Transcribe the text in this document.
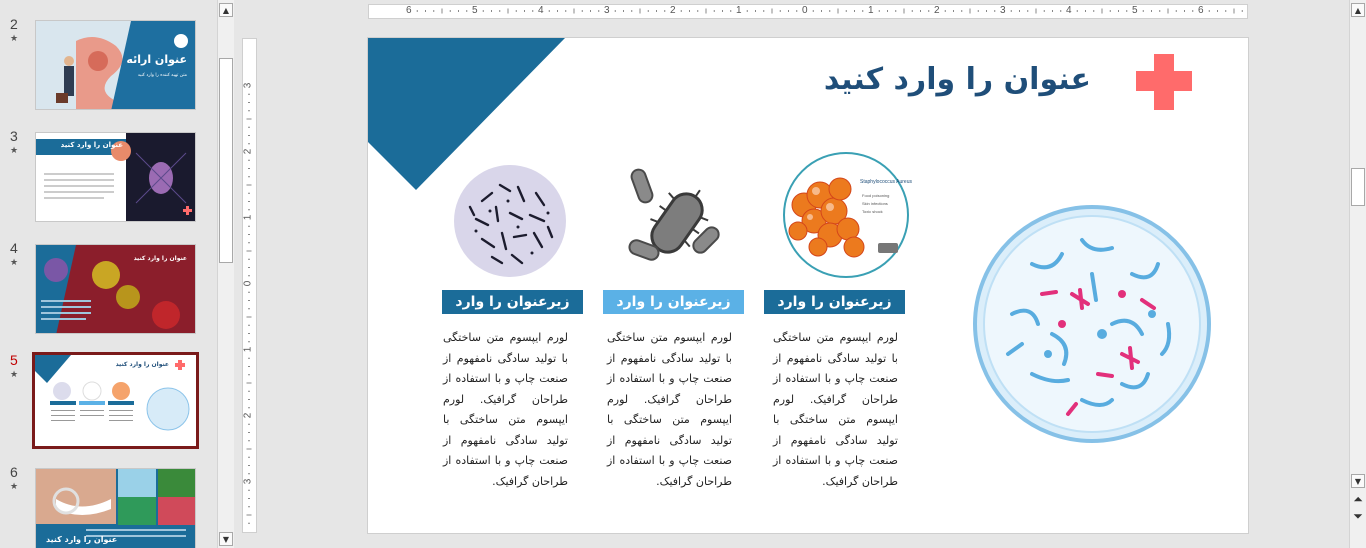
2
★
عنوان ارائه
متن تهیه کننده را وارد کنید
3
★
عنوان را وارد کنید
4
★	عنوان را وارد کنید
5
★
عنوان را وارد کنید
6
★
عنوان را وارد کنید
▲
▼
6	5	4	3	2	1	0	1	2	3	4	5	6
3
2
1
0
1
2
3
عنوان را وارد کنید
Staphylococcus Aureus
Food poisoning
Skin infections
Toxic shock
زیرعنوان را وارد کنید
زیرعنوان را وارد کنید
زیرعنوان را وارد کنید
لورم ایپسوم متن ساختگی با تولید سادگی نامفهوم از صنعت چاپ و با استفاده از طراحان گرافیک. لورم ایپسوم متن ساختگی با تولید سادگی نامفهوم از صنعت چاپ و با استفاده از طراحان گرافیک.
لورم ایپسوم متن ساختگی با تولید سادگی نامفهوم از صنعت چاپ و با استفاده از طراحان گرافیک. لورم ایپسوم متن ساختگی با تولید سادگی نامفهوم از صنعت چاپ و با استفاده از طراحان گرافیک.
لورم ایپسوم متن ساختگی با تولید سادگی نامفهوم از صنعت چاپ و با استفاده از طراحان گرافیک. لورم ایپسوم متن ساختگی با تولید سادگی نامفهوم از صنعت چاپ و با استفاده از طراحان گرافیک.
▲
▼
⏶
⏷
